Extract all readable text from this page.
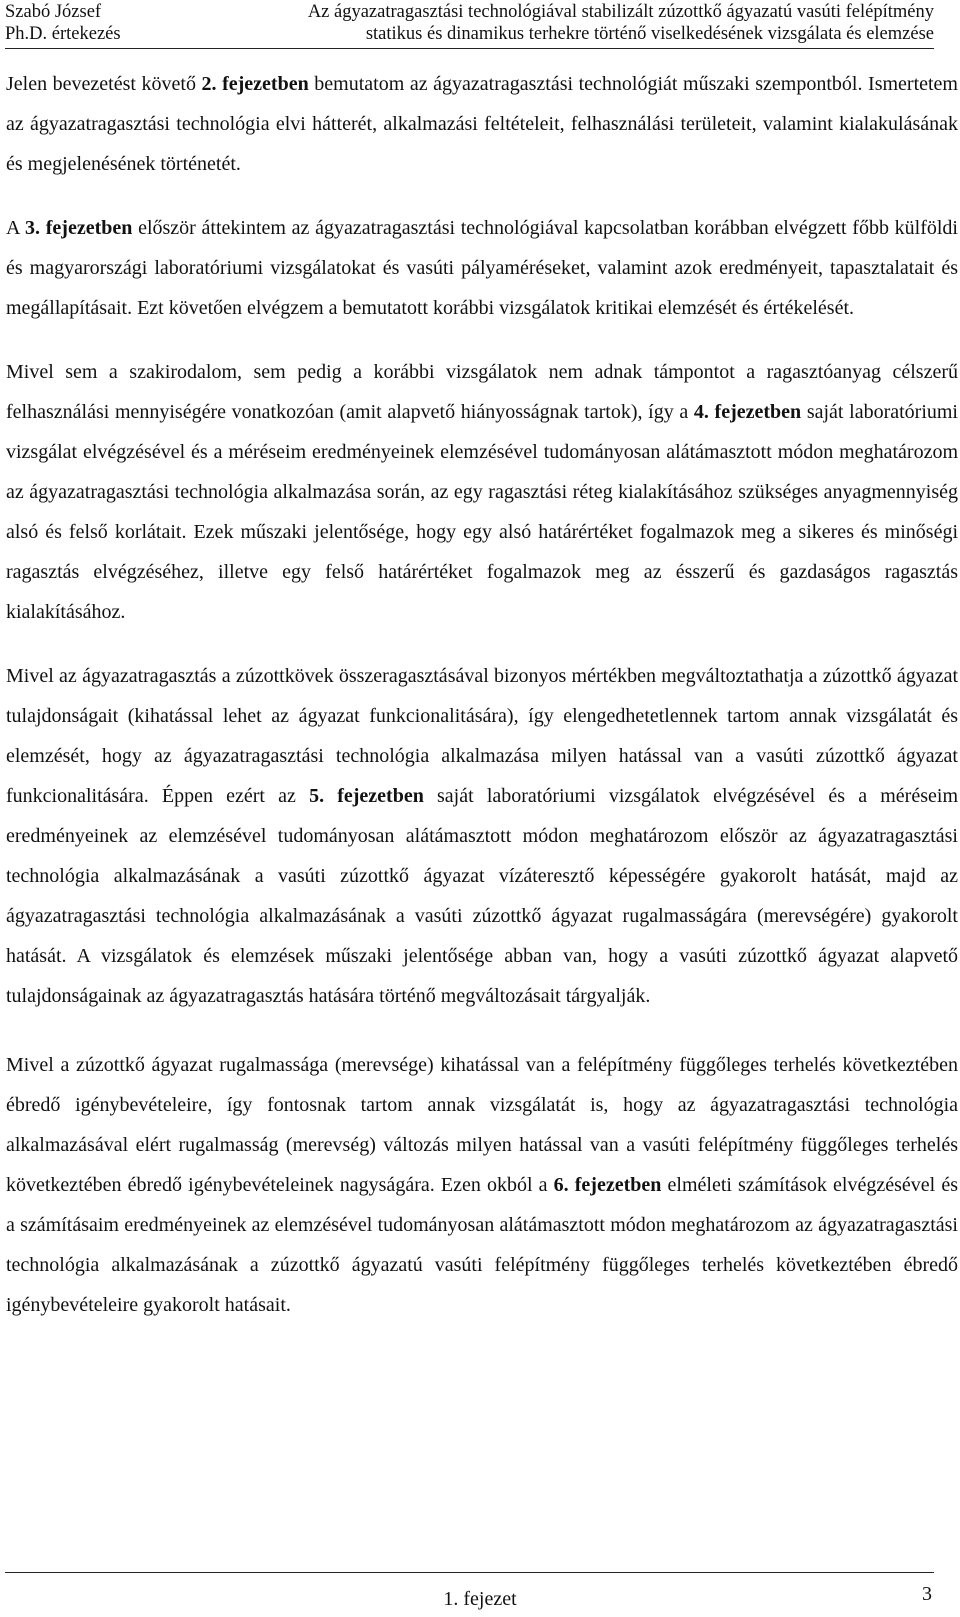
Szabó József	Az ágyazatragasztási technológiával stabilizált zúzottkő ágyazatú vasúti felépítmény
Ph.D. értekezés	statikus és dinamikus terhekre történő viselkedésének vizsgálata és elemzése

Jelen bevezetést követő 2. fejezetben bemutatom az ágyazatragasztási technológiát műszaki szempontból. Ismertetem az ágyazatragasztási technológia elvi hátterét, alkalmazási feltételeit, felhasználási területeit, valamint kialakulásának és megjelenésének történetét.

A 3. fejezetben először áttekintem az ágyazatragasztási technológiával kapcsolatban korábban elvégzett főbb külföldi és magyarországi laboratóriumi vizsgálatokat és vasúti pályaméréseket, valamint azok eredményeit, tapasztalatait és megállapításait. Ezt követően elvégzem a bemutatott korábbi vizsgálatok kritikai elemzését és értékelését.

Mivel sem a szakirodalom, sem pedig a korábbi vizsgálatok nem adnak támpontot a ragasztóanyag célszerű felhasználási mennyiségére vonatkozóan (amit alapvető hiányosságnak tartok), így a 4. fejezetben saját laboratóriumi vizsgálat elvégzésével és a méréseim eredményeinek elemzésével tudományosan alátámasztott módon meghatározom az ágyazatragasztási technológia alkalmazása során, az egy ragasztási réteg kialakításához szükséges anyagmennyiség alsó és felső korlátait. Ezek műszaki jelentősége, hogy egy alsó határértéket fogalmazok meg a sikeres és minőségi ragasztás elvégzéséhez, illetve egy felső határértéket fogalmazok meg az ésszerű és gazdaságos ragasztás kialakításához.

Mivel az ágyazatragasztás a zúzottkövek összeragasztásával bizonyos mértékben megváltoztathatja a zúzottkő ágyazat tulajdonságait (kihatással lehet az ágyazat funkcionalitására), így elengedhetetlennek tartom annak vizsgálatát és elemzését, hogy az ágyazatragasztási technológia alkalmazása milyen hatással van a vasúti zúzottkő ágyazat funkcionalitására. Éppen ezért az 5. fejezetben saját laboratóriumi vizsgálatok elvégzésével és a méréseim eredményeinek az elemzésével tudományosan alátámasztott módon meghatározom először az ágyazatragasztási technológia alkalmazásának a vasúti zúzottkő ágyazat vízáteresztő képességére gyakorolt hatását, majd az ágyazatragasztási technológia alkalmazásának a vasúti zúzottkő ágyazat rugalmasságára (merevségére) gyakorolt hatását. A vizsgálatok és elemzések műszaki jelentősége abban van, hogy a vasúti zúzottkő ágyazat alapvető tulajdonságainak az ágyazatragasztás hatására történő megváltozásait tárgyalják.

Mivel a zúzottkő ágyazat rugalmassága (merevsége) kihatással van a felépítmény függőleges terhelés következtében ébredő igénybevételeire, így fontosnak tartom annak vizsgálatát is, hogy az ágyazatragasztási technológia alkalmazásával elért rugalmasság (merevség) változás milyen hatással van a vasúti felépítmény függőleges terhelés következtében ébredő igénybevételeinek nagyságára. Ezen okból a 6. fejezetben elméleti számítások elvégzésével és a számításaim eredményeinek az elemzésével tudományosan alátámasztott módon meghatározom az ágyazatragasztási technológia alkalmazásának a zúzottkő ágyazatú vasúti felépítmény függőleges terhelés következtében ébredő igénybevételeire gyakorolt hatásait.

1. fejezet	3
